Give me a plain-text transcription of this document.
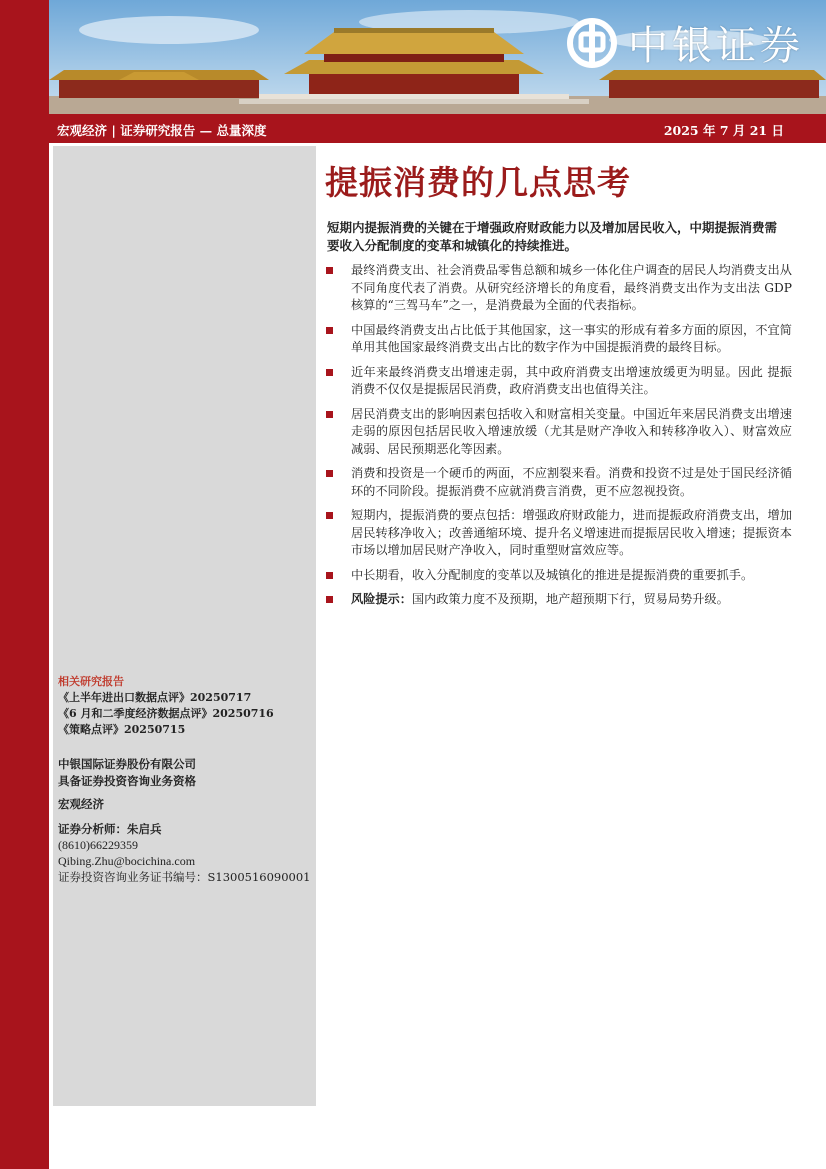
中银证券
宏观经济 | 证券研究报告 — 总量深度	2025 年 7 月 21 日
相关研究报告
《上半年进出口数据点评》20250717
《6 月和二季度经济数据点评》20250716
《策略点评》20250715
中银国际证券股份有限公司
具备证券投资咨询业务资格
宏观经济
证券分析师：朱启兵
(8610)66229359
Qibing.Zhu@bocichina.com
证券投资咨询业务证书编号：S1300516090001
提振消费的几点思考
短期内提振消费的关键在于增强政府财政能力以及增加居民收入，中期提振消费需要收入分配制度的变革和城镇化的持续推进。
最终消费支出、社会消费品零售总额和城乡一体化住户调查的居民人均消费支出从不同角度代表了消费。从研究经济增长的角度看，最终消费支出作为支出法 GDP 核算的“三驾马车”之一，是消费最为全面的代表指标。
中国最终消费支出占比低于其他国家，这一事实的形成有着多方面的原因，不宜简单用其他国家最终消费支出占比的数字作为中国提振消费的最终目标。
近年来最终消费支出增速走弱，其中政府消费支出增速放缓更为明显。因此 提振消费不仅仅是提振居民消费，政府消费支出也值得关注。
居民消费支出的影响因素包括收入和财富相关变量。中国近年来居民消费支出增速走弱的原因包括居民收入增速放缓（尤其是财产净收入和转移净收入）、财富效应减弱、居民预期恶化等因素。
消费和投资是一个硬币的两面，不应割裂来看。消费和投资不过是处于国民经济循环的不同阶段。提振消费不应就消费言消费，更不应忽视投资。
短期内，提振消费的要点包括：增强政府财政能力，进而提振政府消费支出，增加居民转移净收入；改善通缩环境、提升名义增速进而提振居民收入增速；提振资本市场以增加居民财产净收入，同时重塑财富效应等。
中长期看，收入分配制度的变革以及城镇化的推进是提振消费的重要抓手。
风险提示：国内政策力度不及预期，地产超预期下行，贸易局势升级。
